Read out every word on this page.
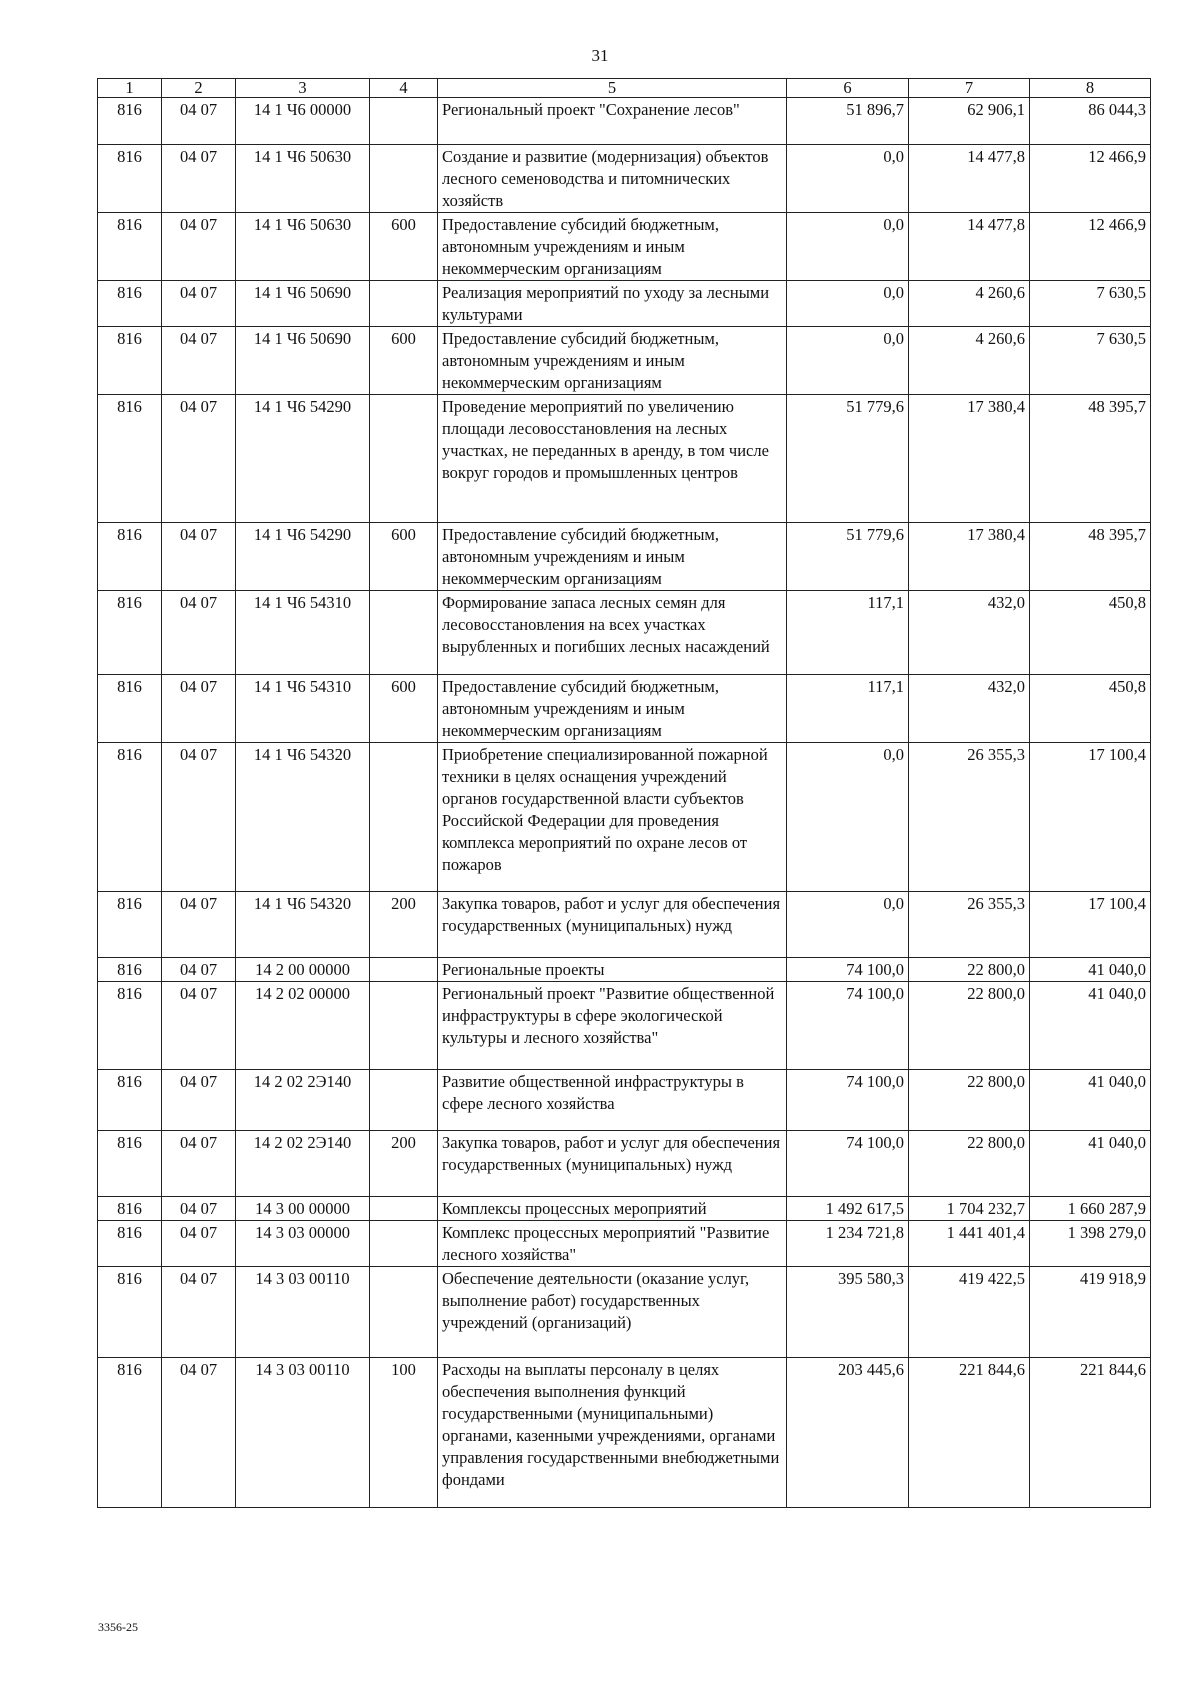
31
1	2	3	4	5	6	7	8
816	04 07	14 1 Ч6 00000		Региональный проект "Сохранение лесов"	51 896,7	62 906,1	86 044,3
816	04 07	14 1 Ч6 50630		Создание и развитие (модернизация) объектов лесного семеноводства и питомнических хозяйств	0,0	14 477,8	12 466,9
816	04 07	14 1 Ч6 50630	600	Предоставление субсидий бюджетным, автономным учреждениям и иным некоммерческим организациям	0,0	14 477,8	12 466,9
816	04 07	14 1 Ч6 50690		Реализация мероприятий по уходу за лесными культурами	0,0	4 260,6	7 630,5
816	04 07	14 1 Ч6 50690	600	Предоставление субсидий бюджетным, автономным учреждениям и иным некоммерческим организациям	0,0	4 260,6	7 630,5
816	04 07	14 1 Ч6 54290		Проведение мероприятий по увеличению площади лесовосстановления на лесных участках, не переданных в аренду, в том числе вокруг городов и промышленных центров	51 779,6	17 380,4	48 395,7
816	04 07	14 1 Ч6 54290	600	Предоставление субсидий бюджетным, автономным учреждениям и иным некоммерческим организациям	51 779,6	17 380,4	48 395,7
816	04 07	14 1 Ч6 54310		Формирование запаса лесных семян для лесовосстановления на всех участках вырубленных и погибших лесных насаждений	117,1	432,0	450,8
816	04 07	14 1 Ч6 54310	600	Предоставление субсидий бюджетным, автономным учреждениям и иным некоммерческим организациям	117,1	432,0	450,8
816	04 07	14 1 Ч6 54320		Приобретение специализированной пожарной техники в целях оснащения учреждений органов государственной власти субъектов Российской Федерации для проведения комплекса мероприятий по охране лесов от пожаров	0,0	26 355,3	17 100,4
816	04 07	14 1 Ч6 54320	200	Закупка товаров, работ и услуг для обеспечения государственных (муниципальных) нужд	0,0	26 355,3	17 100,4
816	04 07	14 2 00 00000		Региональные проекты	74 100,0	22 800,0	41 040,0
816	04 07	14 2 02 00000		Региональный проект "Развитие общественной инфраструктуры в сфере экологической культуры и лесного хозяйства"	74 100,0	22 800,0	41 040,0
816	04 07	14 2 02 2Э140		Развитие общественной инфраструктуры в сфере лесного хозяйства	74 100,0	22 800,0	41 040,0
816	04 07	14 2 02 2Э140	200	Закупка товаров, работ и услуг для обеспечения государственных (муниципальных) нужд	74 100,0	22 800,0	41 040,0
816	04 07	14 3 00 00000		Комплексы процессных мероприятий	1 492 617,5	1 704 232,7	1 660 287,9
816	04 07	14 3 03 00000		Комплекс процессных мероприятий "Развитие лесного хозяйства"	1 234 721,8	1 441 401,4	1 398 279,0
816	04 07	14 3 03 00110		Обеспечение деятельности (оказание услуг, выполнение работ) государственных учреждений (организаций)	395 580,3	419 422,5	419 918,9
816	04 07	14 3 03 00110	100	Расходы на выплаты персоналу в целях обеспечения выполнения функций государственными (муниципальными) органами, казенными учреждениями, органами управления государственными внебюджетными фондами	203 445,6	221 844,6	221 844,6
3356-25
